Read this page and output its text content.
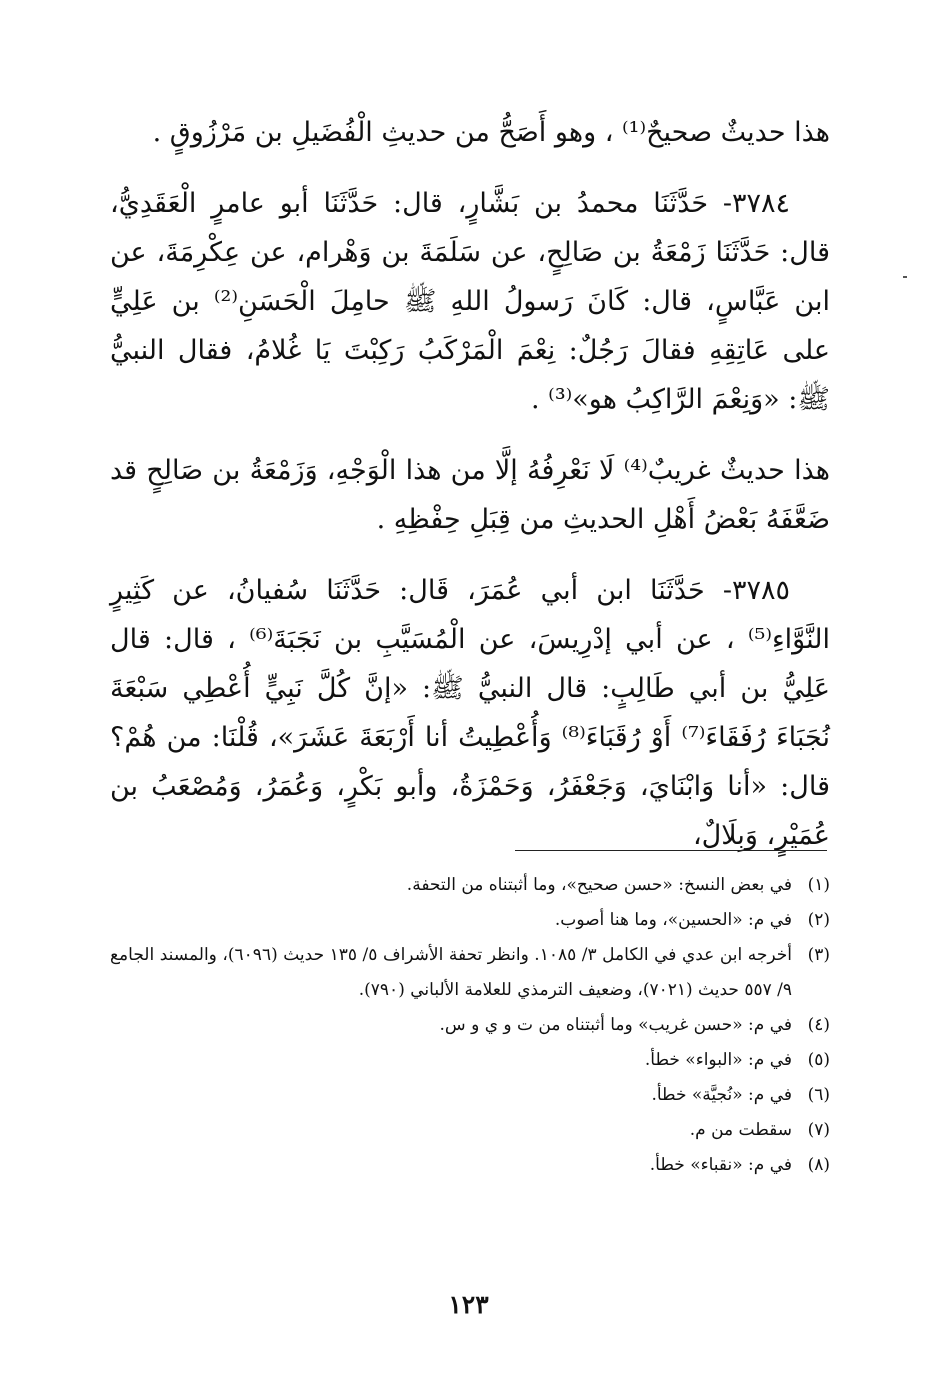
هذا حديثٌ صحيحٌ⁽¹⁾ ، وهو أَصَحُّ من حديثِ الْفُضَيلِ بن مَرْزُوقٍ .

٣٧٨٤- حَدَّثَنَا محمدُ بن بَشَّارٍ، قال: حَدَّثَنَا أبو عامرٍ الْعَقَدِيُّ، قال: حَدَّثَنَا زَمْعَةُ بن صَالِحٍ، عن سَلَمَةَ بن وَهْرام، عن عِكْرِمَةَ، عن ابن عَبَّاسٍ، قال: كَانَ رَسولُ اللهِ ﷺ حامِلَ الْحَسَنِ⁽²⁾ بن عَلِيٍّ على عَاتِقِهِ فقالَ رَجُلٌ: نِعْمَ الْمَرْكَبُ رَكِبْتَ يَا غُلامُ، فقال النبيُّ ﷺ: «وَنِعْمَ الرَّاكِبُ هو»⁽³⁾ .

هذا حديثٌ غريبٌ⁽⁴⁾ لَا نَعْرِفُهُ إلَّا من هذا الْوَجْهِ، وَزَمْعَةُ بن صَالِحٍ قد ضَعَّفَهُ بَعْضُ أَهْلِ الحديثِ من قِبَلِ حِفْظِهِ .

٣٧٨٥- حَدَّثَنَا ابن أبي عُمَرَ، قَال: حَدَّثَنَا سُفيانُ، عن كَثِيرٍ النَّوَّاءِ⁽⁵⁾ ، عن أبي إدْرِيسَ، عن الْمُسَيَّبِ بن نَجَبَةَ⁽⁶⁾ ، قال: قال عَلِيُّ بن أبي طَالِبٍ: قال النبيُّ ﷺ: «إنَّ كُلَّ نَبِيٍّ أُعْطِي سَبْعَةَ نُجَبَاءَ رُفَقَاءَ⁽⁷⁾ أَوْ رُقَبَاءَ⁽⁸⁾ وَأُعْطِيتُ أنا أَرْبَعَةَ عَشَرَ»، قُلْنَا: من هُمْ؟ قال: «أنا وَابْنَايَ، وَجَعْفَرُ، وَحَمْزَةُ، وأبو بَكْرٍ، وَعُمَرُ، وَمُصْعَبُ بن عُمَيْرٍ، وَبِلَالٌ،

(١)
في بعض النسخ: «حسن صحيح»، وما أثبتناه من التحفة.
(٢)
في م: «الحسين»، وما هنا أصوب.
(٣)
أخرجه ابن عدي في الكامل ٣/ ١٠٨٥. وانظر تحفة الأشراف ٥/ ١٣٥ حديث (٦٠٩٦)، والمسند الجامع ٩/ ٥٥٧ حديث (٧٠٢١)، وضعيف الترمذي للعلامة الألباني (٧٩٠).
(٤)
في م: «حسن غريب» وما أثبتناه من ت و ي و س.
(٥)
في م: «البواء» خطأ.
(٦)
في م: «نُجيَّة» خطأ.
(٧)
سقطت من م.
(٨)
في م: «نقباء» خطأ.
١٢٣
